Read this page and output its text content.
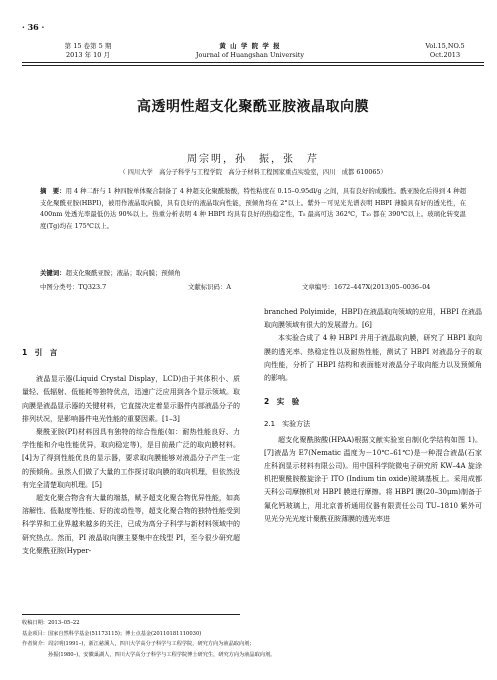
· 36 ·
第 15 卷第 5 期
2013 年 10 月
黄 山 学 院 学 报
Journal of Huangshan University
Vol.15,NO.5
Oct.2013
高透明性超支化聚酰亚胺液晶取向膜
周宗明，孙　振，张　芹
（ 四川大学　高分子科学与工程学院　高分子材料工程国家重点实验室，四川　成都 610065）
摘　要：用 4 种二酐与 1 种四胺单体聚合制备了 4 种超支化聚酰胺酸，特性粘度在 0.15–0.95dl/g 之间，具有良好的成膜性。酰亚胺化后得到 4 种超支化聚酰亚胺(HBPI)，被用作液晶取向膜，具有良好的液晶取向性能，预倾角均在 2°以上。紫外－可见光光谱表明 HBPI 薄膜具有好的透光性，在 400nm 处透光率最低仍达 90%以上。热重分析表明 4 种 HBPI 均具有良好的热稳定性，T₅ 最高可达 362℃，T₁₀ 都在 390℃以上。玻璃化转变温度(Tg)均在 175℃以上。
关键词：超支化聚酰亚胺；液晶；取向膜；预倾角
中图分类号：TQ323.7	文献标识码：A	文章编号：1672–447X(2013)05–0036–04
1　引　言

液晶显示器(Liquid Crystal Display，LCD)由于其体积小、质量轻、低辐射、低能耗等独特优点，迅速广泛应用到各个显示领域。取向膜是液晶显示器的关键材料，它直接决定着显示器件内部液晶分子的排列状况，是影响器件电光性能的重要因素。[1–3]

聚酰亚胺(PI)材料因具有独特的综合性能(如：耐热性能良好、力学性能和介电性能优异，取向稳定等)，是目前最广泛的取向膜材料。[4]为了得到性能优良的显示器，要求取向膜能够对液晶分子产生一定的预倾角。虽然人们做了大量的工作探讨取向膜的取向机理，但依然没有完全清楚取向机理。[5]

超支化聚合物含有大量的端基，赋予超支化聚合物优异性能，如高溶解性、低黏度等性能、好的流动性等，超支化聚合物的独特性能受到科学界和工业界越来越多的关注，已成为高分子科学与新材料领域中的研究热点。然而，PI 液晶取向膜主要集中在线型 PI，至今很少研究超支化聚酰亚胺(Hyper-

branched Polyimide，HBPI)在液晶取向领域的应用，HBPI 在液晶取向膜领域有很大的发展潜力。[6]

本实验合成了 4 种 HBPI 并用于液晶取向膜，研究了 HBPI 取向膜的透光率、热稳定性以及耐热性能，测试了 HBPI 对液晶分子的取向性能，分析了 HBPI 结构和表面能对液晶分子取向能力以及预倾角的影响。

2　实　验
2.1　实验方法

超支化聚酰胺酸(HPAA)根据文献实验室自制(化学结构如图 1)。[7]液晶为 E7(Nematic 温度为－10℃–61℃)是一种混合液晶(石家庄科润显示材料有限公司)。用中国科学院微电子研究所 KW–4A 旋涂机把聚酰胺酸旋涂于 ITO (Indium tin oxide)玻璃基板上。采用成都天科公司摩擦机对 HBPI 膜进行摩擦。将 HBPI 膜(20–30μm)制备于氟化钙玻璃上，用北京普析通用仪器有限责任公司 TU–1810 紫外可见光分光光度计聚酰亚胺薄膜的透光率进

收稿日期：2013–05–22
基金项目：国家自然科学基金(51173115)；博士点基金(20110181110030)
作者简介：周宗明(1991–)，浙江慈溪人，四川大学高分子科学与工程学院，研究方向为液晶取向剂；
孙振(1980–)，安徽巢湖人，四川大学高分子科学与工程学院博士研究生，研究方向为液晶取向剂。
